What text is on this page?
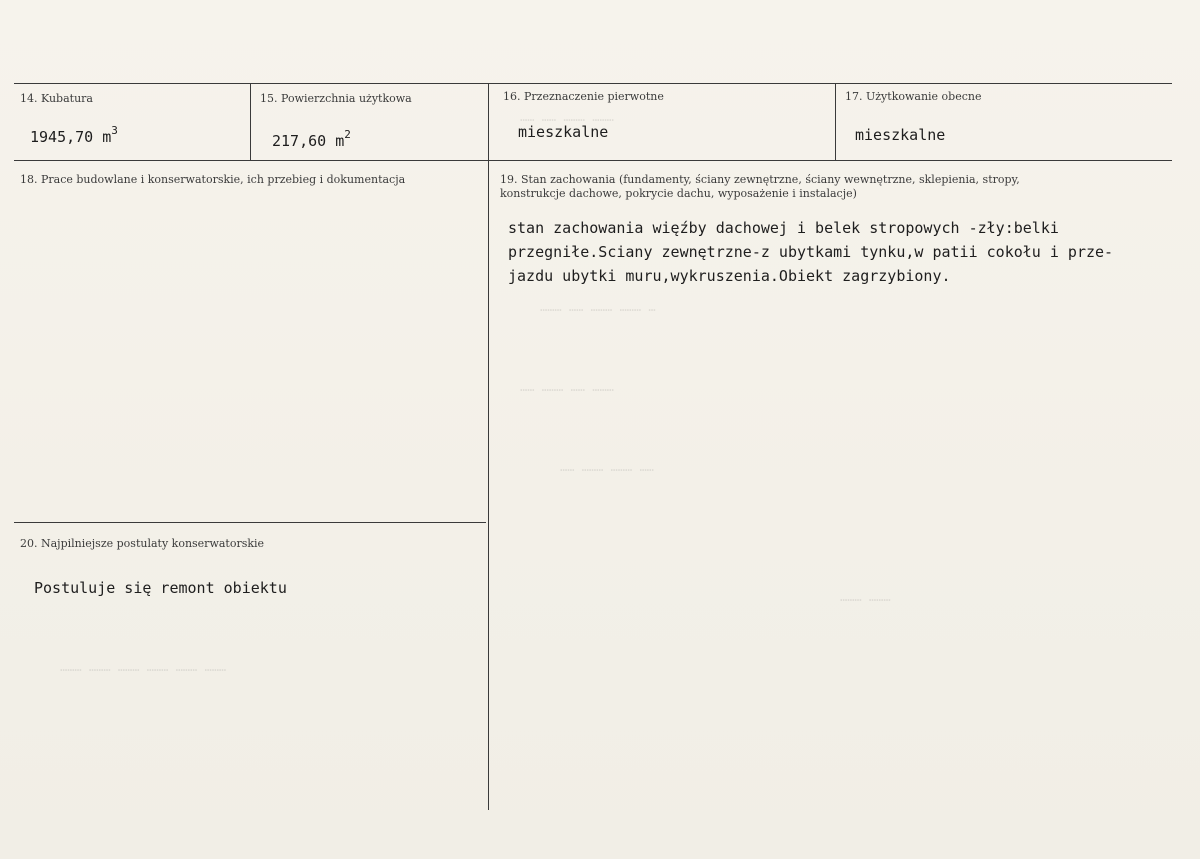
……… ……… …… ……
… ……… ……… …… ………
……… …… ……… ……
…… ……… ……… ……
……… ………
……… ……… ……… ……… ……… ………
14. Kubatura
1945,70 $m^3$
15. Powierzchnia użytkowa
217,60 $m^2$
16. Przeznaczenie pierwotne
mieszkalne
17. Użytkowanie obecne
mieszkalne
18. Prace budowlane i konserwatorskie, ich przebieg i dokumentacja	19. Stan zachowania (fundamenty, ściany zewnętrzne, ściany wewnętrzne, sklepienia, stropy,
konstrukcje dachowe, pokrycie dachu, wyposażenie i instalacje)
stan zachowania więźby dachowej i belek stropowych -zły:belki
przegniłe.Sciany zewnętrzne-z ubytkami tynku,w patii cokołu i prze-
jazdu ubytki muru,wykruszenia.Obiekt zagrzybiony.
20. Najpilniejsze postulaty konserwatorskie
Postuluje się remont obiektu
